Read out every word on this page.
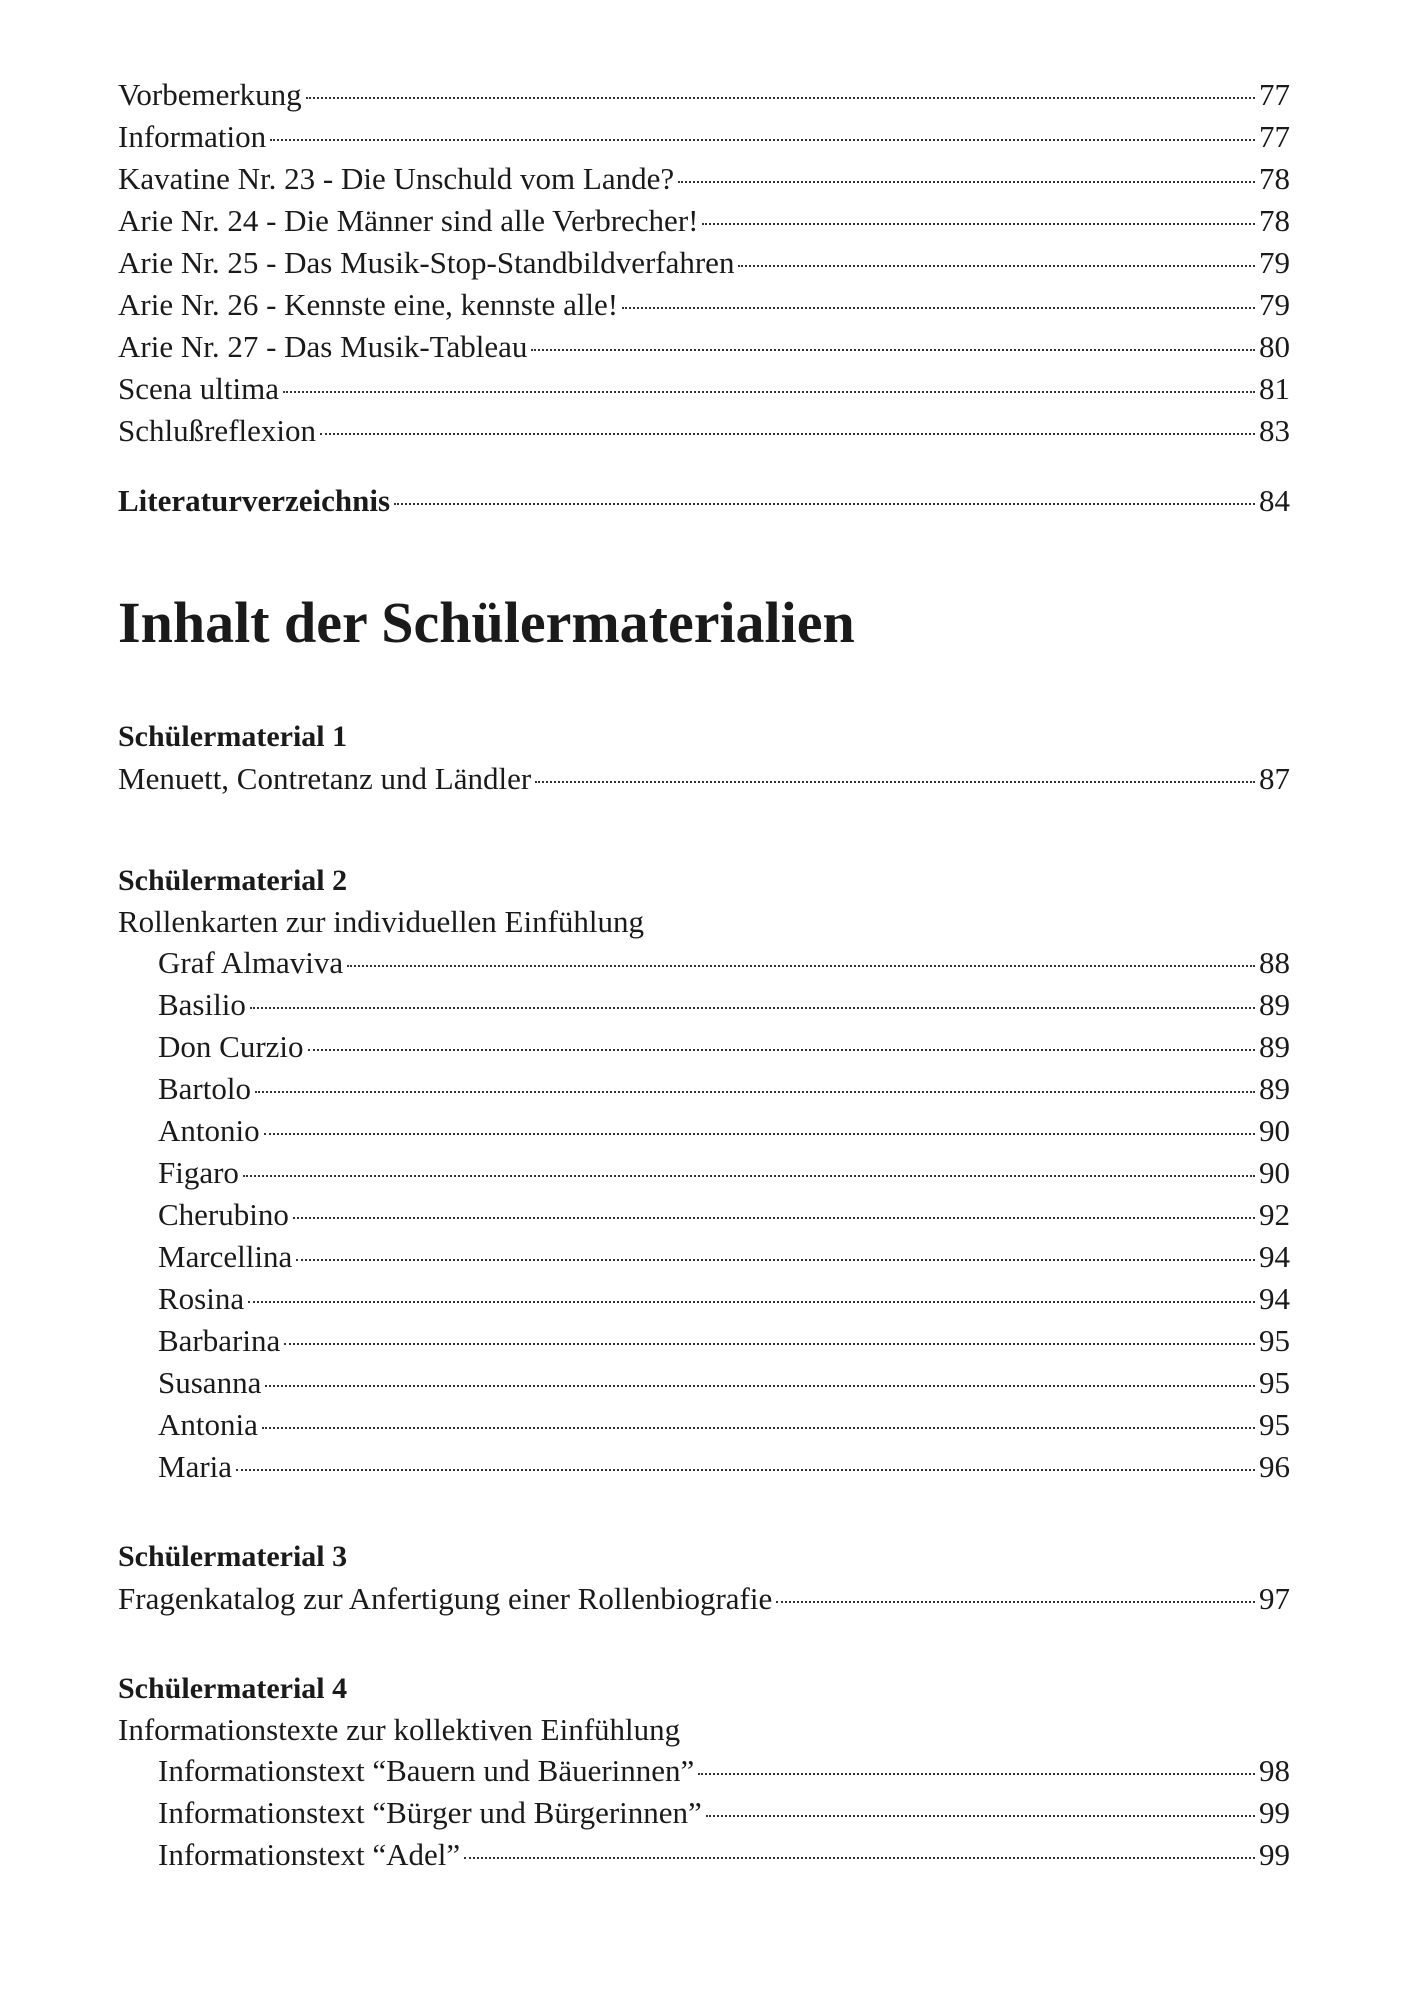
Vorbemerkung	77
Information	77
Kavatine Nr. 23 - Die Unschuld vom Lande?	78
Arie Nr. 24 - Die Männer sind alle Verbrecher!	78
Arie Nr. 25 - Das Musik-Stop-Standbildverfahren	79
Arie Nr. 26 - Kennste eine, kennste alle!	79
Arie Nr. 27 - Das Musik-Tableau	80
Scena ultima	81
Schlußreflexion	83
Literaturverzeichnis	84
Inhalt der Schülermaterialien
Schülermaterial 1
Menuett, Contretanz und Ländler	87
Schülermaterial 2
Rollenkarten zur individuellen Einfühlung
Graf Almaviva	88
Basilio	89
Don Curzio	89
Bartolo	89
Antonio	90
Figaro	90
Cherubino	92
Marcellina	94
Rosina	94
Barbarina	95
Susanna	95
Antonia	95
Maria	96
Schülermaterial 3
Fragenkatalog zur Anfertigung einer Rollenbiografie	97
Schülermaterial 4
Informationstexte zur kollektiven Einfühlung
Informationstext “Bauern und Bäuerinnen”	98
Informationstext “Bürger und Bürgerinnen”	99
Informationstext “Adel”	99
